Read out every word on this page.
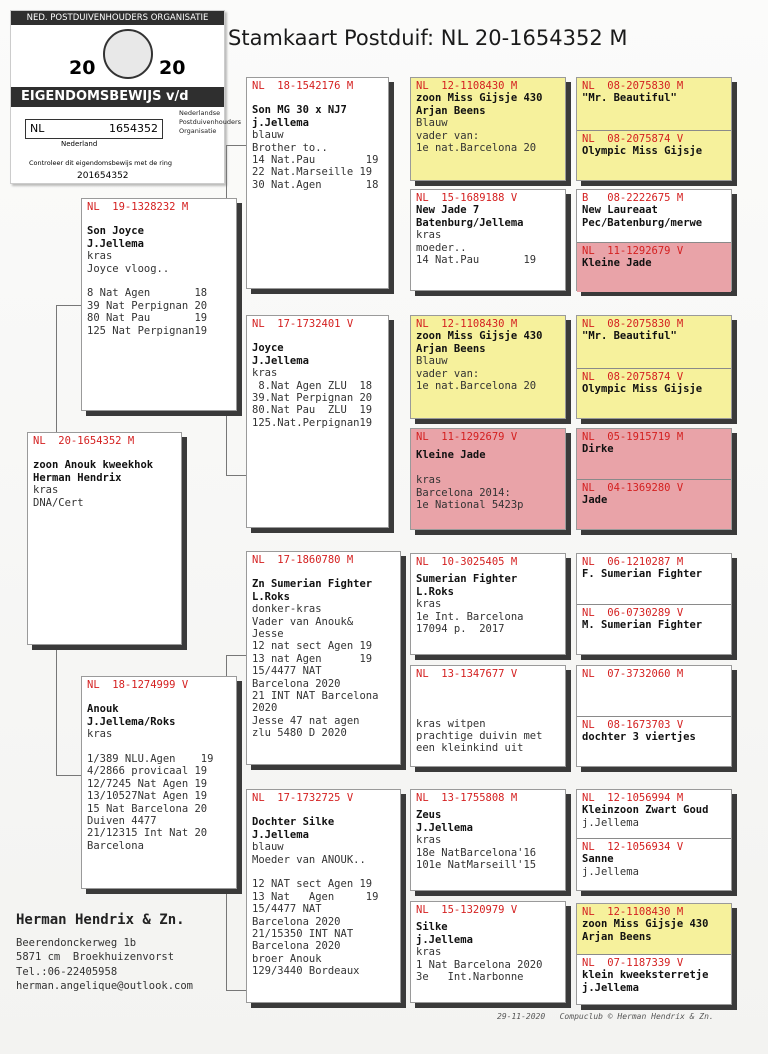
Stamkaart Postduif: NL 20-1654352 M
NED. POSTDUIVENHOUDERS ORGANISATIE
20	20
EIGENDOMSBEWIJS v/d RING	Nederlandse
Postduivenhouders
Organisatie
NL	1654352
Nederland
Controleer dit eigendomsbewijs met de ring
201654352
NL  20-1654352 M
zoon Anouk kweekhok
Herman Hendrix
kras
DNA/Cert
NL  19-1328232 M
Son Joyce
J.Jellema
kras
Joyce vloog..

8 Nat Agen       18
39 Nat Perpignan 20
80 Nat Pau       19
125 Nat Perpignan19
NL  18-1274999 V
Anouk
J.Jellema/Roks
kras

1/389 NLU.Agen    19
4/2866 provicaal 19
12/7245 Nat Agen 19
13/10527Nat Agen 19
15 Nat Barcelona 20
Duiven 4477
21/12315 Int Nat 20
Barcelona
NL  18-1542176 M
Son MG 30 x NJ7
j.Jellema
blauw
Brother to..
14 Nat.Pau        19
22 Nat.Marseille 19
30 Nat.Agen       18
NL  17-1732401 V
Joyce
J.Jellema
kras
8.Nat Agen ZLU  18
39.Nat Perpignan 20
80.Nat Pau  ZLU  19
125.Nat.Perpignan19
NL  17-1860780 M
Zn Sumerian Fighter
L.Roks
donker-kras
Vader van Anouk&
Jesse
12 nat sect Agen 19
13 nat Agen      19
15/4477 NAT
Barcelona 2020
21 INT NAT Barcelona
2020
Jesse 47 nat agen
zlu 5480 D 2020
NL  17-1732725 V
Dochter Silke
J.Jellema
blauw
Moeder van ANOUK..

12 NAT sect Agen 19
13 Nat   Agen     19
15/4477 NAT
Barcelona 2020
21/15350 INT NAT
Barcelona 2020
broer Anouk
129/3440 Bordeaux
NL  12-1108430 M
zoon Miss Gijsje 430
Arjan Beens
Blauw
vader van:
1e nat.Barcelona 20
NL  15-1689188 V
New Jade 7
Batenburg/Jellema
kras
moeder..
14 Nat.Pau       19
NL  12-1108430 M
zoon Miss Gijsje 430
Arjan Beens
Blauw
vader van:
1e nat.Barcelona 20
NL  11-1292679 V
Kleine Jade

kras
Barcelona 2014:
1e National 5423p
NL  10-3025405 M
Sumerian Fighter
L.Roks
kras
1e Int. Barcelona
17094 p.  2017
NL  13-1347677 V

kras witpen
prachtige duivin met
een kleinkind uit
NL  13-1755808 M
Zeus
J.Jellema
kras
18e NatBarcelona'16
101e NatMarseill'15
NL  15-1320979 V
Silke
j.Jellema
kras
1 Nat Barcelona 2020
3e   Int.Narbonne
NL  08-2075830 M
"Mr. Beautiful"
NL  08-2075874 V
Olympic Miss Gijsje
B   08-2222675 M
New Laureaat
Pec/Batenburg/merwe
NL  11-1292679 V
Kleine Jade
NL  08-2075830 M
"Mr. Beautiful"
NL  08-2075874 V
Olympic Miss Gijsje
NL  05-1915719 M
Dirke
NL  04-1369280 V
Jade
NL  06-1210287 M
F. Sumerian Fighter
NL  06-0730289 V
M. Sumerian Fighter
NL  07-3732060 M
NL  08-1673703 V
dochter 3 viertjes
NL  12-1056994 M
Kleinzoon Zwart Goud
j.Jellema
NL  12-1056934 V
Sanne
j.Jellema
NL  12-1108430 M
zoon Miss Gijsje 430
Arjan Beens
NL  07-1187339 V
klein kweeksterretje
j.Jellema
Herman Hendrix & Zn.
Beerendonckerweg 1b
5871 cm  Broekhuizenvorst
Tel.:06-22405958
herman.angelique@outlook.com
29-11-2020   Compuclub © Herman Hendrix & Zn.
